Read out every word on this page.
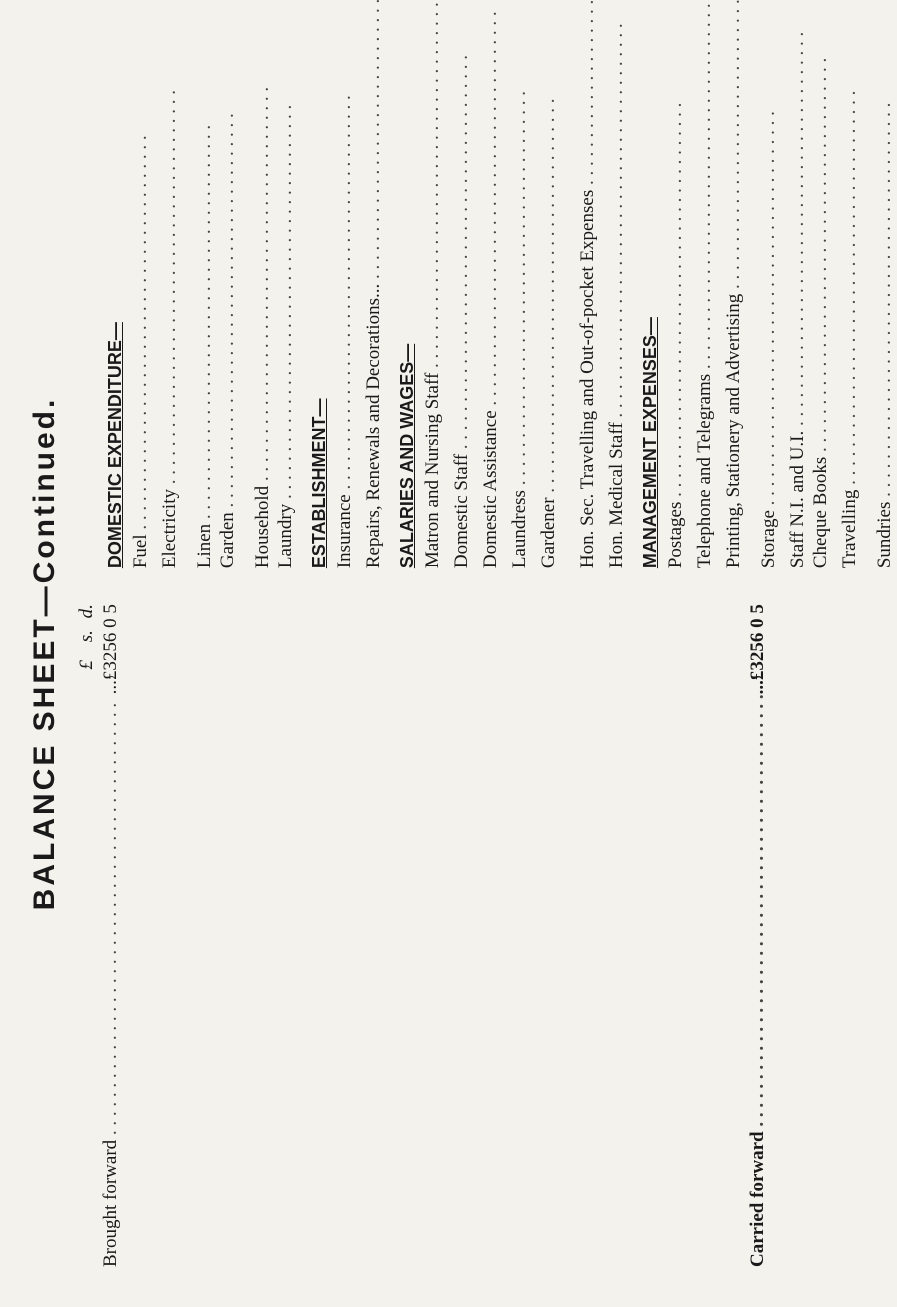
BALANCE SHEET—Continued. £
s.
d.
Brought forward . . .
...£3256 0 5
Carried forward . . .
...£3256 0 5
DOMESTIC EXPENDITURE— Fuel . . . Electricity . . . Linen . . . Garden . . . Household . . . Laundry . . . ESTABLISHMENT— Insurance . . . Repairs, Renewals and Decorations... . . . SALARIES AND WAGES— Matron and Nursing Staff . . . Domestic Staff . . . Domestic Assistance . . . Laundress . . . Gardener . . . Hon. Sec. Travelling and Out-of-pocket Expenses . . . Hon. Medical Staff . . . MANAGEMENT EXPENSES— Postages . . . Telephone and Telegrams . . . Printing, Stationery and Advertising . . . Storage . . . Staff N.I. and U.I. . . . Cheque Books . . . Travelling . . . Sundries . . .
